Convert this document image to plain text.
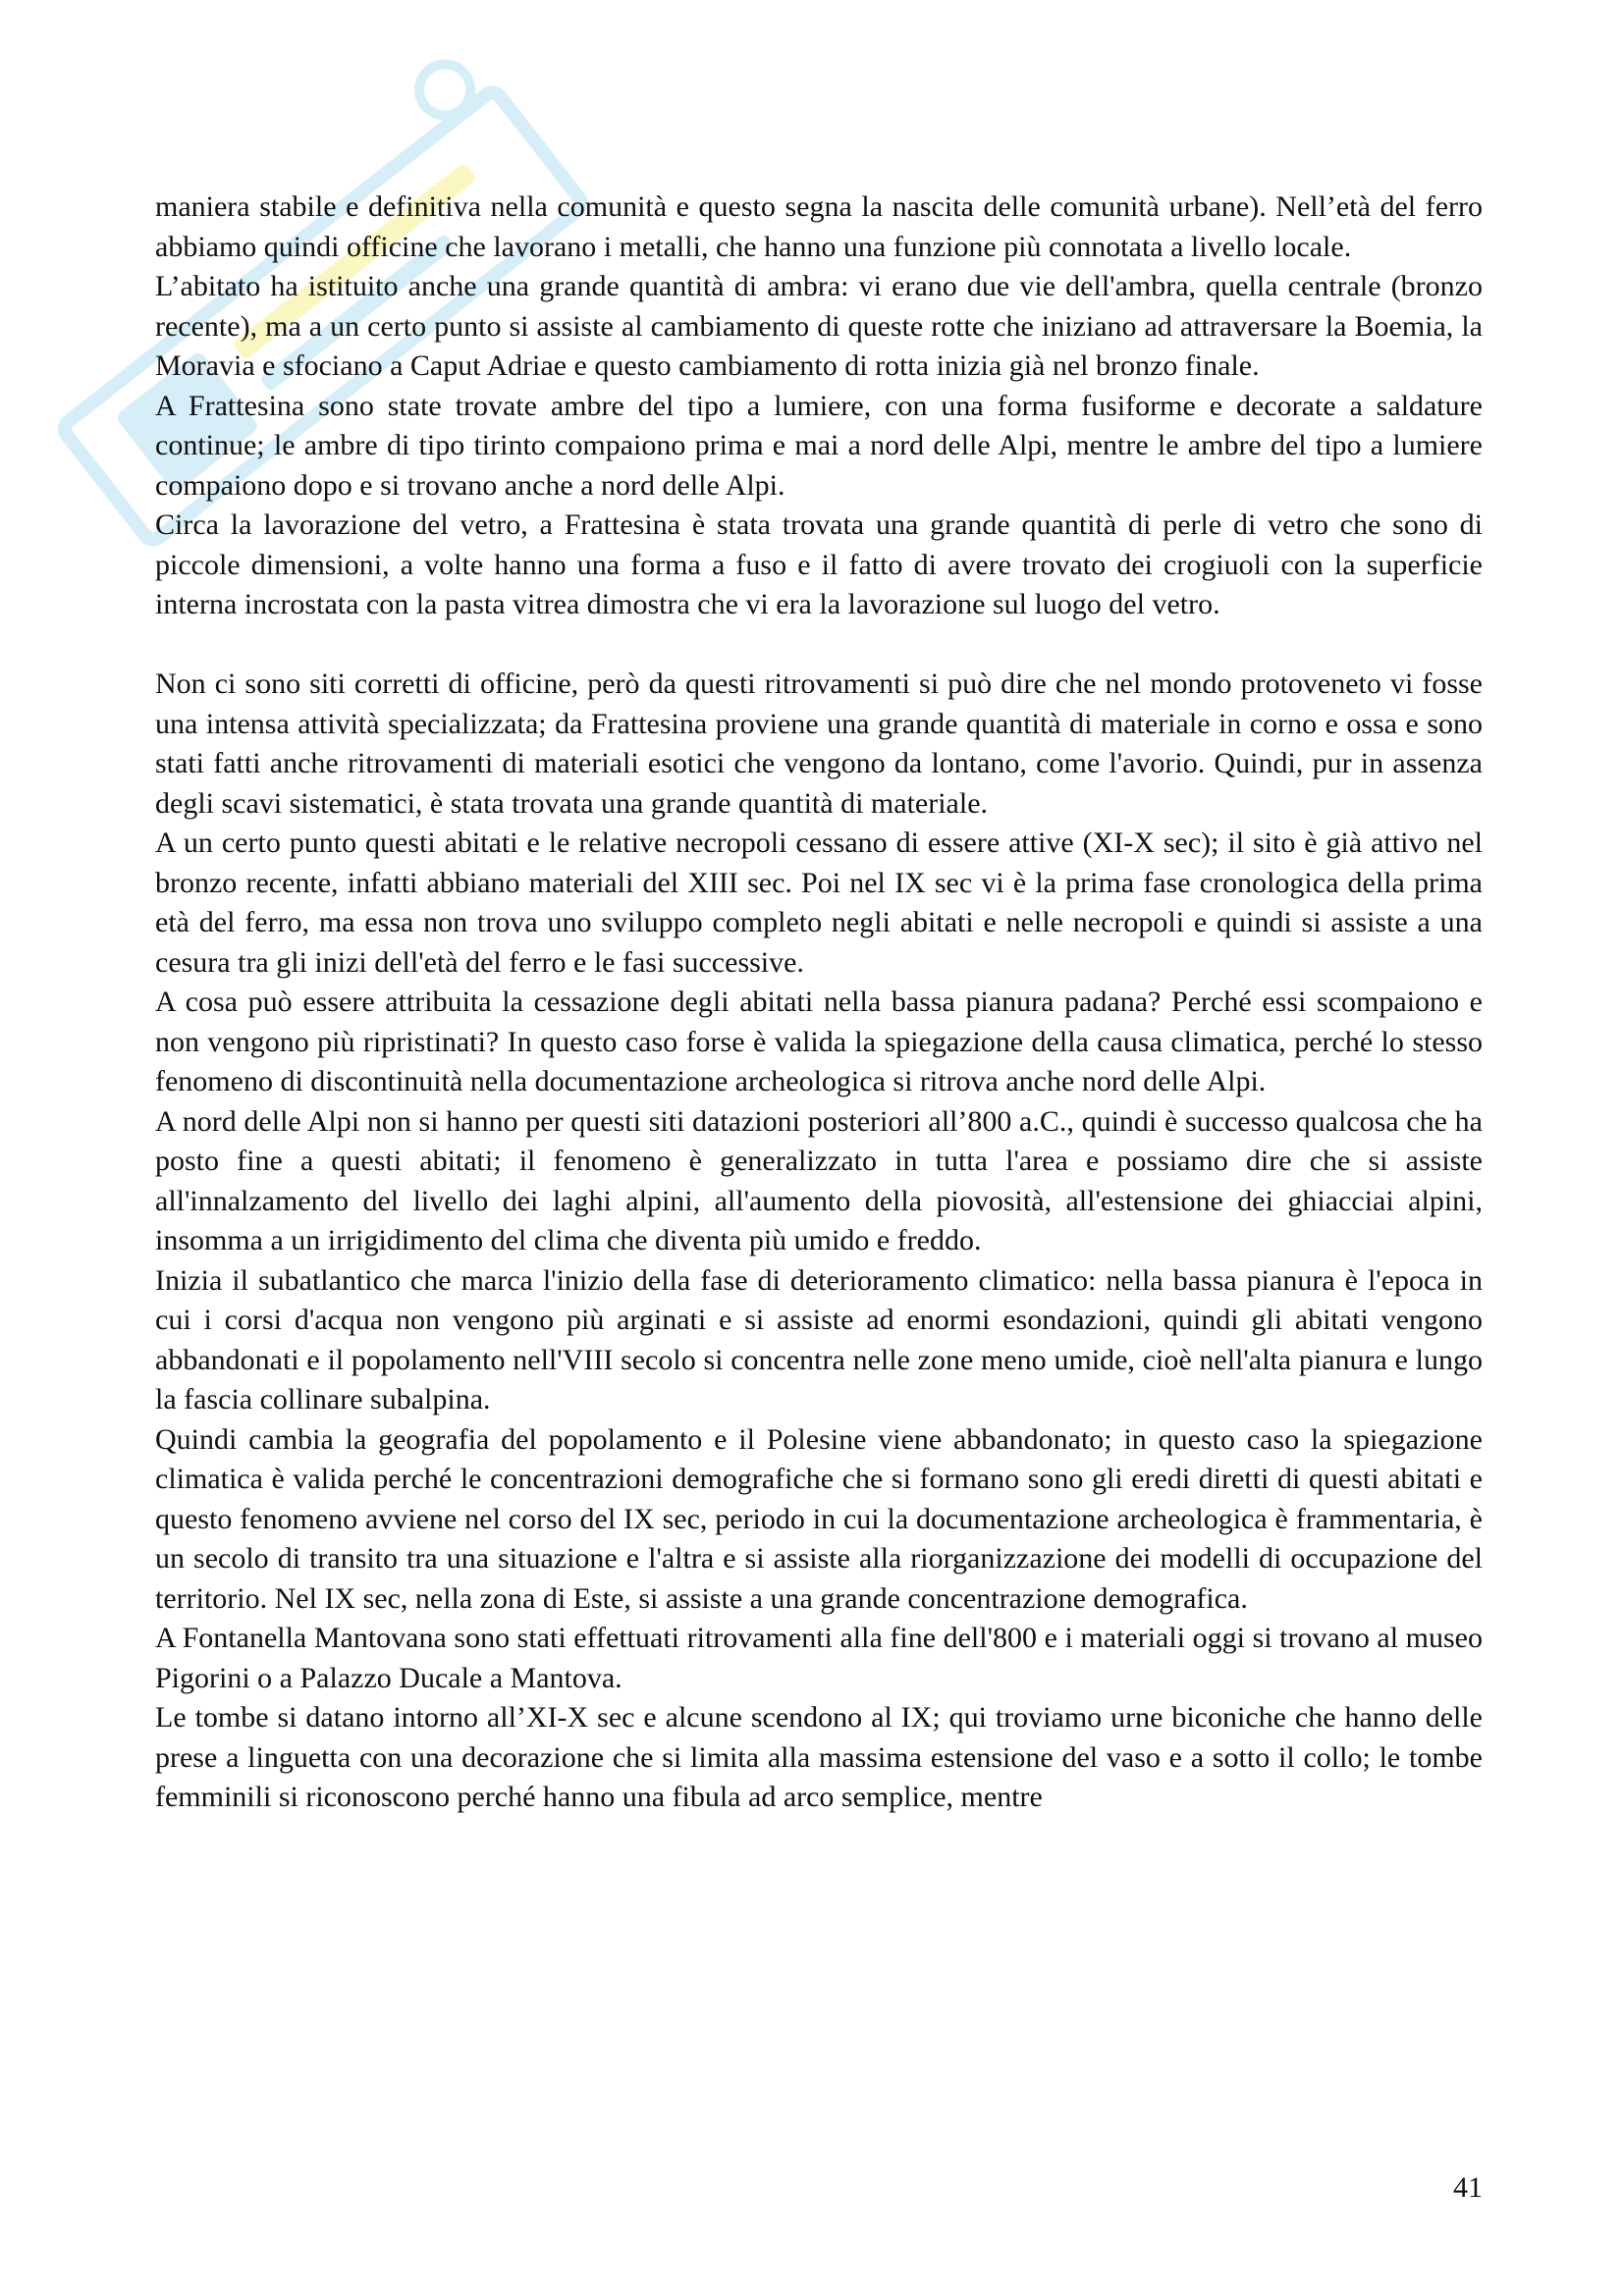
maniera stabile e definitiva nella comunità e questo segna la nascita delle comunità urbane). Nell’età del ferro abbiamo quindi officine che lavorano i metalli, che hanno una funzione più connotata a livello locale.

L’abitato ha istituito anche una grande quantità di ambra: vi erano due vie dell'ambra, quella centrale (bronzo recente), ma a un certo punto si assiste al cambiamento di queste rotte che iniziano ad attraversare la Boemia, la Moravia e sfociano a Caput Adriae e questo cambiamento di rotta inizia già nel bronzo finale.

A Frattesina sono state trovate ambre del tipo a lumiere, con una forma fusiforme e decorate a saldature continue; le ambre di tipo tirinto compaiono prima e mai a nord delle Alpi, mentre le ambre del tipo a lumiere compaiono dopo e si trovano anche a nord delle Alpi.

Circa la lavorazione del vetro, a Frattesina è stata trovata una grande quantità di perle di vetro che sono di piccole dimensioni, a volte hanno una forma a fuso e il fatto di avere trovato dei crogiuoli con la superficie interna incrostata con la pasta vitrea dimostra che vi era la lavorazione sul luogo del vetro.

Non ci sono siti corretti di officine, però da questi ritrovamenti si può dire che nel mondo protoveneto vi fosse una intensa attività specializzata; da Frattesina proviene una grande quantità di materiale in corno e ossa e sono stati fatti anche ritrovamenti di materiali esotici che vengono da lontano, come l'avorio. Quindi, pur in assenza degli scavi sistematici, è stata trovata una grande quantità di materiale.

A un certo punto questi abitati e le relative necropoli cessano di essere attive (XI-X sec); il sito è già attivo nel bronzo recente, infatti abbiano materiali del XIII sec. Poi nel IX sec vi è la prima fase cronologica della prima età del ferro, ma essa non trova uno sviluppo completo negli abitati e nelle necropoli e quindi si assiste a una cesura tra gli inizi dell'età del ferro e le fasi successive.

A cosa può essere attribuita la cessazione degli abitati nella bassa pianura padana? Perché essi scompaiono e non vengono più ripristinati? In questo caso forse è valida la spiegazione della causa climatica, perché lo stesso fenomeno di discontinuità nella documentazione archeologica si ritrova anche nord delle Alpi.

A nord delle Alpi non si hanno per questi siti datazioni posteriori all’800 a.C., quindi è successo qualcosa che ha posto fine a questi abitati; il fenomeno è generalizzato in tutta l'area e possiamo dire che si assiste all'innalzamento del livello dei laghi alpini, all'aumento della piovosità, all'estensione dei ghiacciai alpini, insomma a un irrigidimento del clima che diventa più umido e freddo.

Inizia il subatlantico che marca l'inizio della fase di deterioramento climatico: nella bassa pianura è l'epoca in cui i corsi d'acqua non vengono più arginati e si assiste ad enormi esondazioni, quindi gli abitati vengono abbandonati e il popolamento nell'VIII secolo si concentra nelle zone meno umide, cioè nell'alta pianura e lungo la fascia collinare subalpina.

Quindi cambia la geografia del popolamento e il Polesine viene abbandonato; in questo caso la spiegazione climatica è valida perché le concentrazioni demografiche che si formano sono gli eredi diretti di questi abitati e questo fenomeno avviene nel corso del IX sec, periodo in cui la documentazione archeologica è frammentaria, è un secolo di transito tra una situazione e l'altra e si assiste alla riorganizzazione dei modelli di occupazione del territorio. Nel IX sec, nella zona di Este, si assiste a una grande concentrazione demografica.

A Fontanella Mantovana sono stati effettuati ritrovamenti alla fine dell'800 e i materiali oggi si trovano al museo Pigorini o a Palazzo Ducale a Mantova.

Le tombe si datano intorno all’XI-X sec e alcune scendono al IX; qui troviamo urne biconiche che hanno delle prese a linguetta con una decorazione che si limita alla massima estensione del vaso e a sotto il collo; le tombe femminili si riconoscono perché hanno una fibula ad arco semplice, mentre

41
